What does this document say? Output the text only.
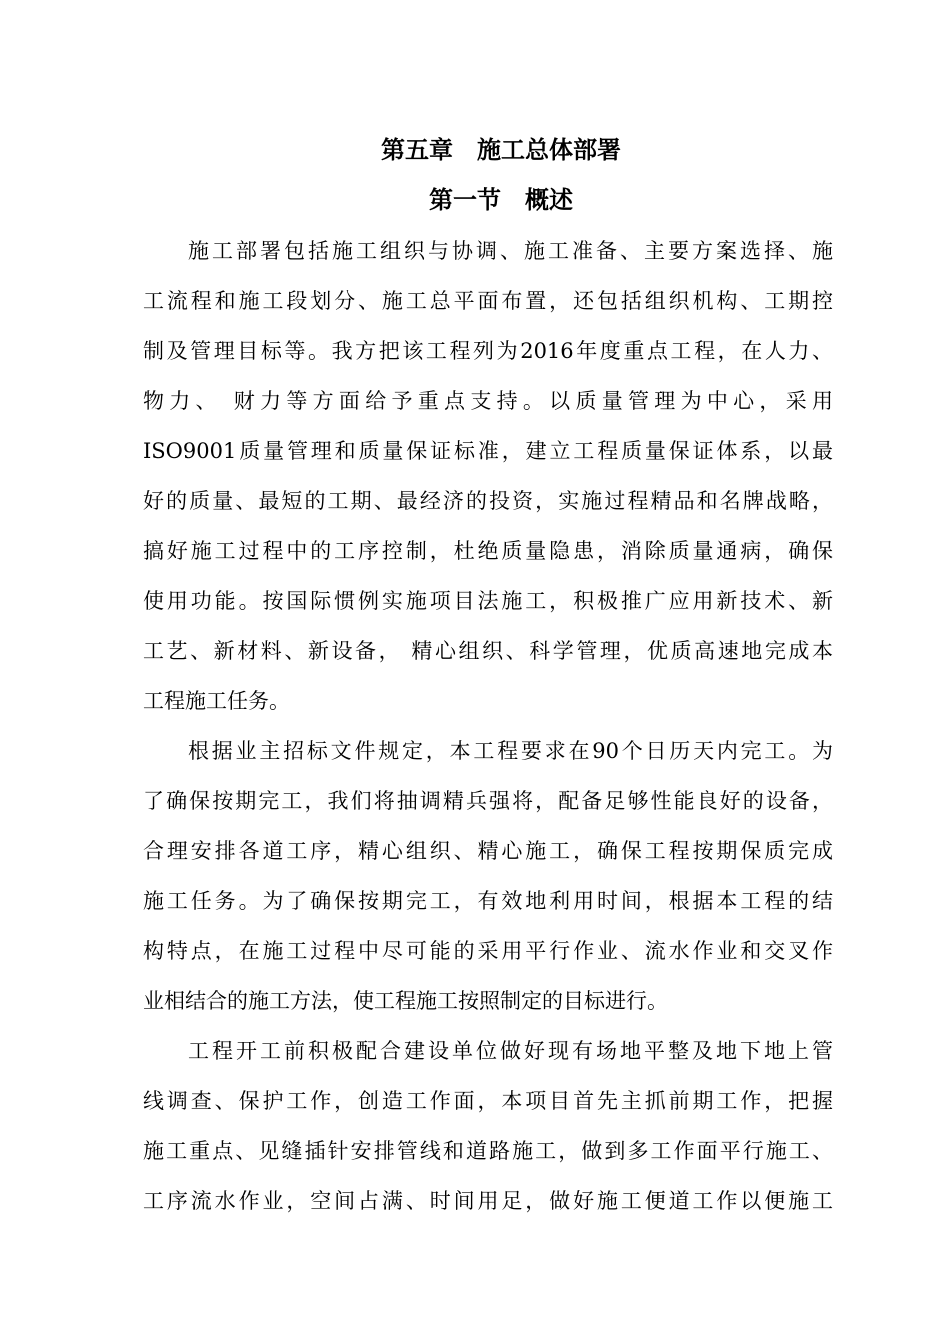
第五章　施工总体部署
第一节　概述
施工部署包括施工组织与协调、施工准备、主要方案选择、施
工流程和施工段划分、施工总平面布置，还包括组织机构、工期控
制及管理目标等。我方把该工程列为2016年度重点工程，在人力、
物力、 财力等方面给予重点支持。以质量管理为中心，采用
ISO9001质量管理和质量保证标准，建立工程质量保证体系，以最
好的质量、最短的工期、最经济的投资，实施过程精品和名牌战略，
搞好施工过程中的工序控制，杜绝质量隐患，消除质量通病，确保
使用功能。按国际惯例实施项目法施工，积极推广应用新技术、新
工艺、新材料、新设备， 精心组织、科学管理，优质高速地完成本
工程施工任务。
根据业主招标文件规定，本工程要求在90个日历天内完工。为
了确保按期完工，我们将抽调精兵强将，配备足够性能良好的设备，
合理安排各道工序，精心组织、精心施工，确保工程按期保质完成
施工任务。为了确保按期完工，有效地利用时间，根据本工程的结
构特点，在施工过程中尽可能的采用平行作业、流水作业和交叉作
业相结合的施工方法，使工程施工按照制定的目标进行。
工程开工前积极配合建设单位做好现有场地平整及地下地上管
线调查、保护工作，创造工作面，本项目首先主抓前期工作，把握
施工重点、见缝插针安排管线和道路施工，做到多工作面平行施工、
工序流水作业，空间占满、时间用足，做好施工便道工作以便施工
